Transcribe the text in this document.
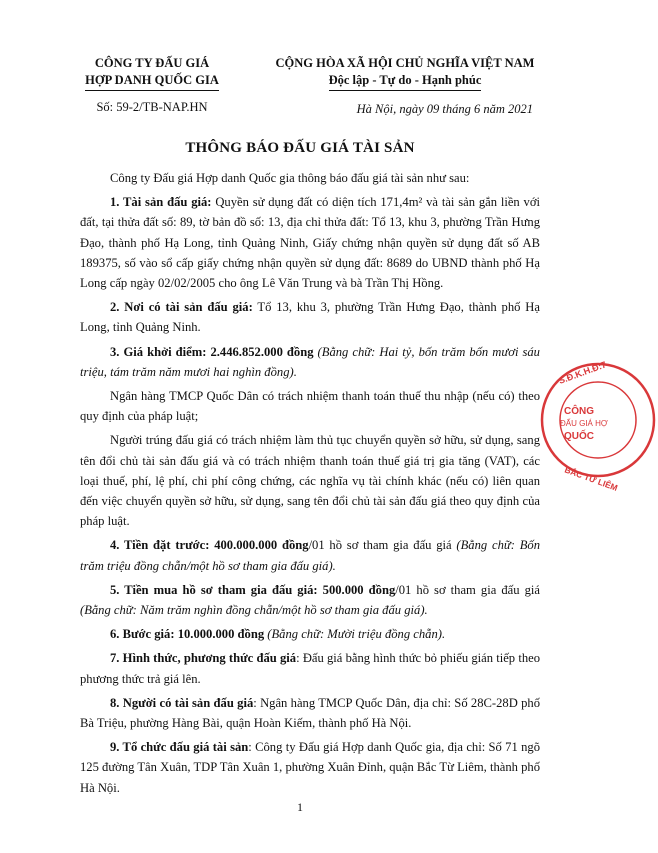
CÔNG TY ĐẤU GIÁ
HỢP DANH QUỐC GIA
Số: 59-2/TB-NAP.HN
CỘNG HÒA XÃ HỘI CHỦ NGHĨA VIỆT NAM
Độc lập - Tự do - Hạnh phúc
Hà Nội, ngày 09 tháng 6 năm 2021
THÔNG BÁO ĐẤU GIÁ TÀI SẢN

Công ty Đấu giá Hợp danh Quốc gia thông báo đấu giá tài sản như sau:

1. Tài sản đấu giá: Quyền sử dụng đất có diện tích 171,4m² và tài sản gắn liền với đất, tại thửa đất số: 89, tờ bản đồ số: 13, địa chỉ thửa đất: Tổ 13, khu 3, phường Trần Hưng Đạo, thành phố Hạ Long, tỉnh Quảng Ninh, Giấy chứng nhận quyền sử dụng đất số AB 189375, số vào sổ cấp giấy chứng nhận quyền sử dụng đất: 8689 do UBND thành phố Hạ Long cấp ngày 02/02/2005 cho ông Lê Văn Trung và bà Trần Thị Hồng.

2. Nơi có tài sản đấu giá: Tổ 13, khu 3, phường Trần Hưng Đạo, thành phố Hạ Long, tỉnh Quảng Ninh.

3. Giá khởi điểm: 2.446.852.000 đồng (Bằng chữ: Hai tỷ, bốn trăm bốn mươi sáu triệu, tám trăm năm mươi hai nghìn đồng).

Ngân hàng TMCP Quốc Dân có trách nhiệm thanh toán thuế thu nhập (nếu có) theo quy định của pháp luật;

Người trúng đấu giá có trách nhiệm làm thủ tục chuyển quyền sở hữu, sử dụng, sang tên đổi chủ tài sản đấu giá và có trách nhiệm thanh toán thuế giá trị gia tăng (VAT), các loại thuế, phí, lệ phí, chi phí công chứng, các nghĩa vụ tài chính khác (nếu có) liên quan đến việc chuyển quyền sở hữu, sử dụng, sang tên đổi chủ tài sản đấu giá theo quy định của pháp luật.

4. Tiền đặt trước: 400.000.000 đồng/01 hồ sơ tham gia đấu giá (Bằng chữ: Bốn trăm triệu đồng chẵn/một hồ sơ tham gia đấu giá).

5. Tiền mua hồ sơ tham gia đấu giá: 500.000 đồng/01 hồ sơ tham gia đấu giá (Bằng chữ: Năm trăm nghìn đồng chẵn/một hồ sơ tham gia đấu giá).

6. Bước giá: 10.000.000 đồng (Bằng chữ: Mười triệu đồng chẵn).

7. Hình thức, phương thức đấu giá: Đấu giá bằng hình thức bỏ phiếu gián tiếp theo phương thức trả giá lên.

8. Người có tài sản đấu giá: Ngân hàng TMCP Quốc Dân, địa chỉ: Số 28C-28D phố Bà Triệu, phường Hàng Bài, quận Hoàn Kiếm, thành phố Hà Nội.

9. Tổ chức đấu giá tài sản: Công ty Đấu giá Hợp danh Quốc gia, địa chỉ: Số 71 ngõ 125 đường Tân Xuân, TDP Tân Xuân 1, phường Xuân Đỉnh, quận Bắc Từ Liêm, thành phố Hà Nội.

1
S.Đ.K.H.Đ:7
CÔNG
ĐẤU GIÁ HỢ
QUỐC
BẮC TỪ LIÊM
